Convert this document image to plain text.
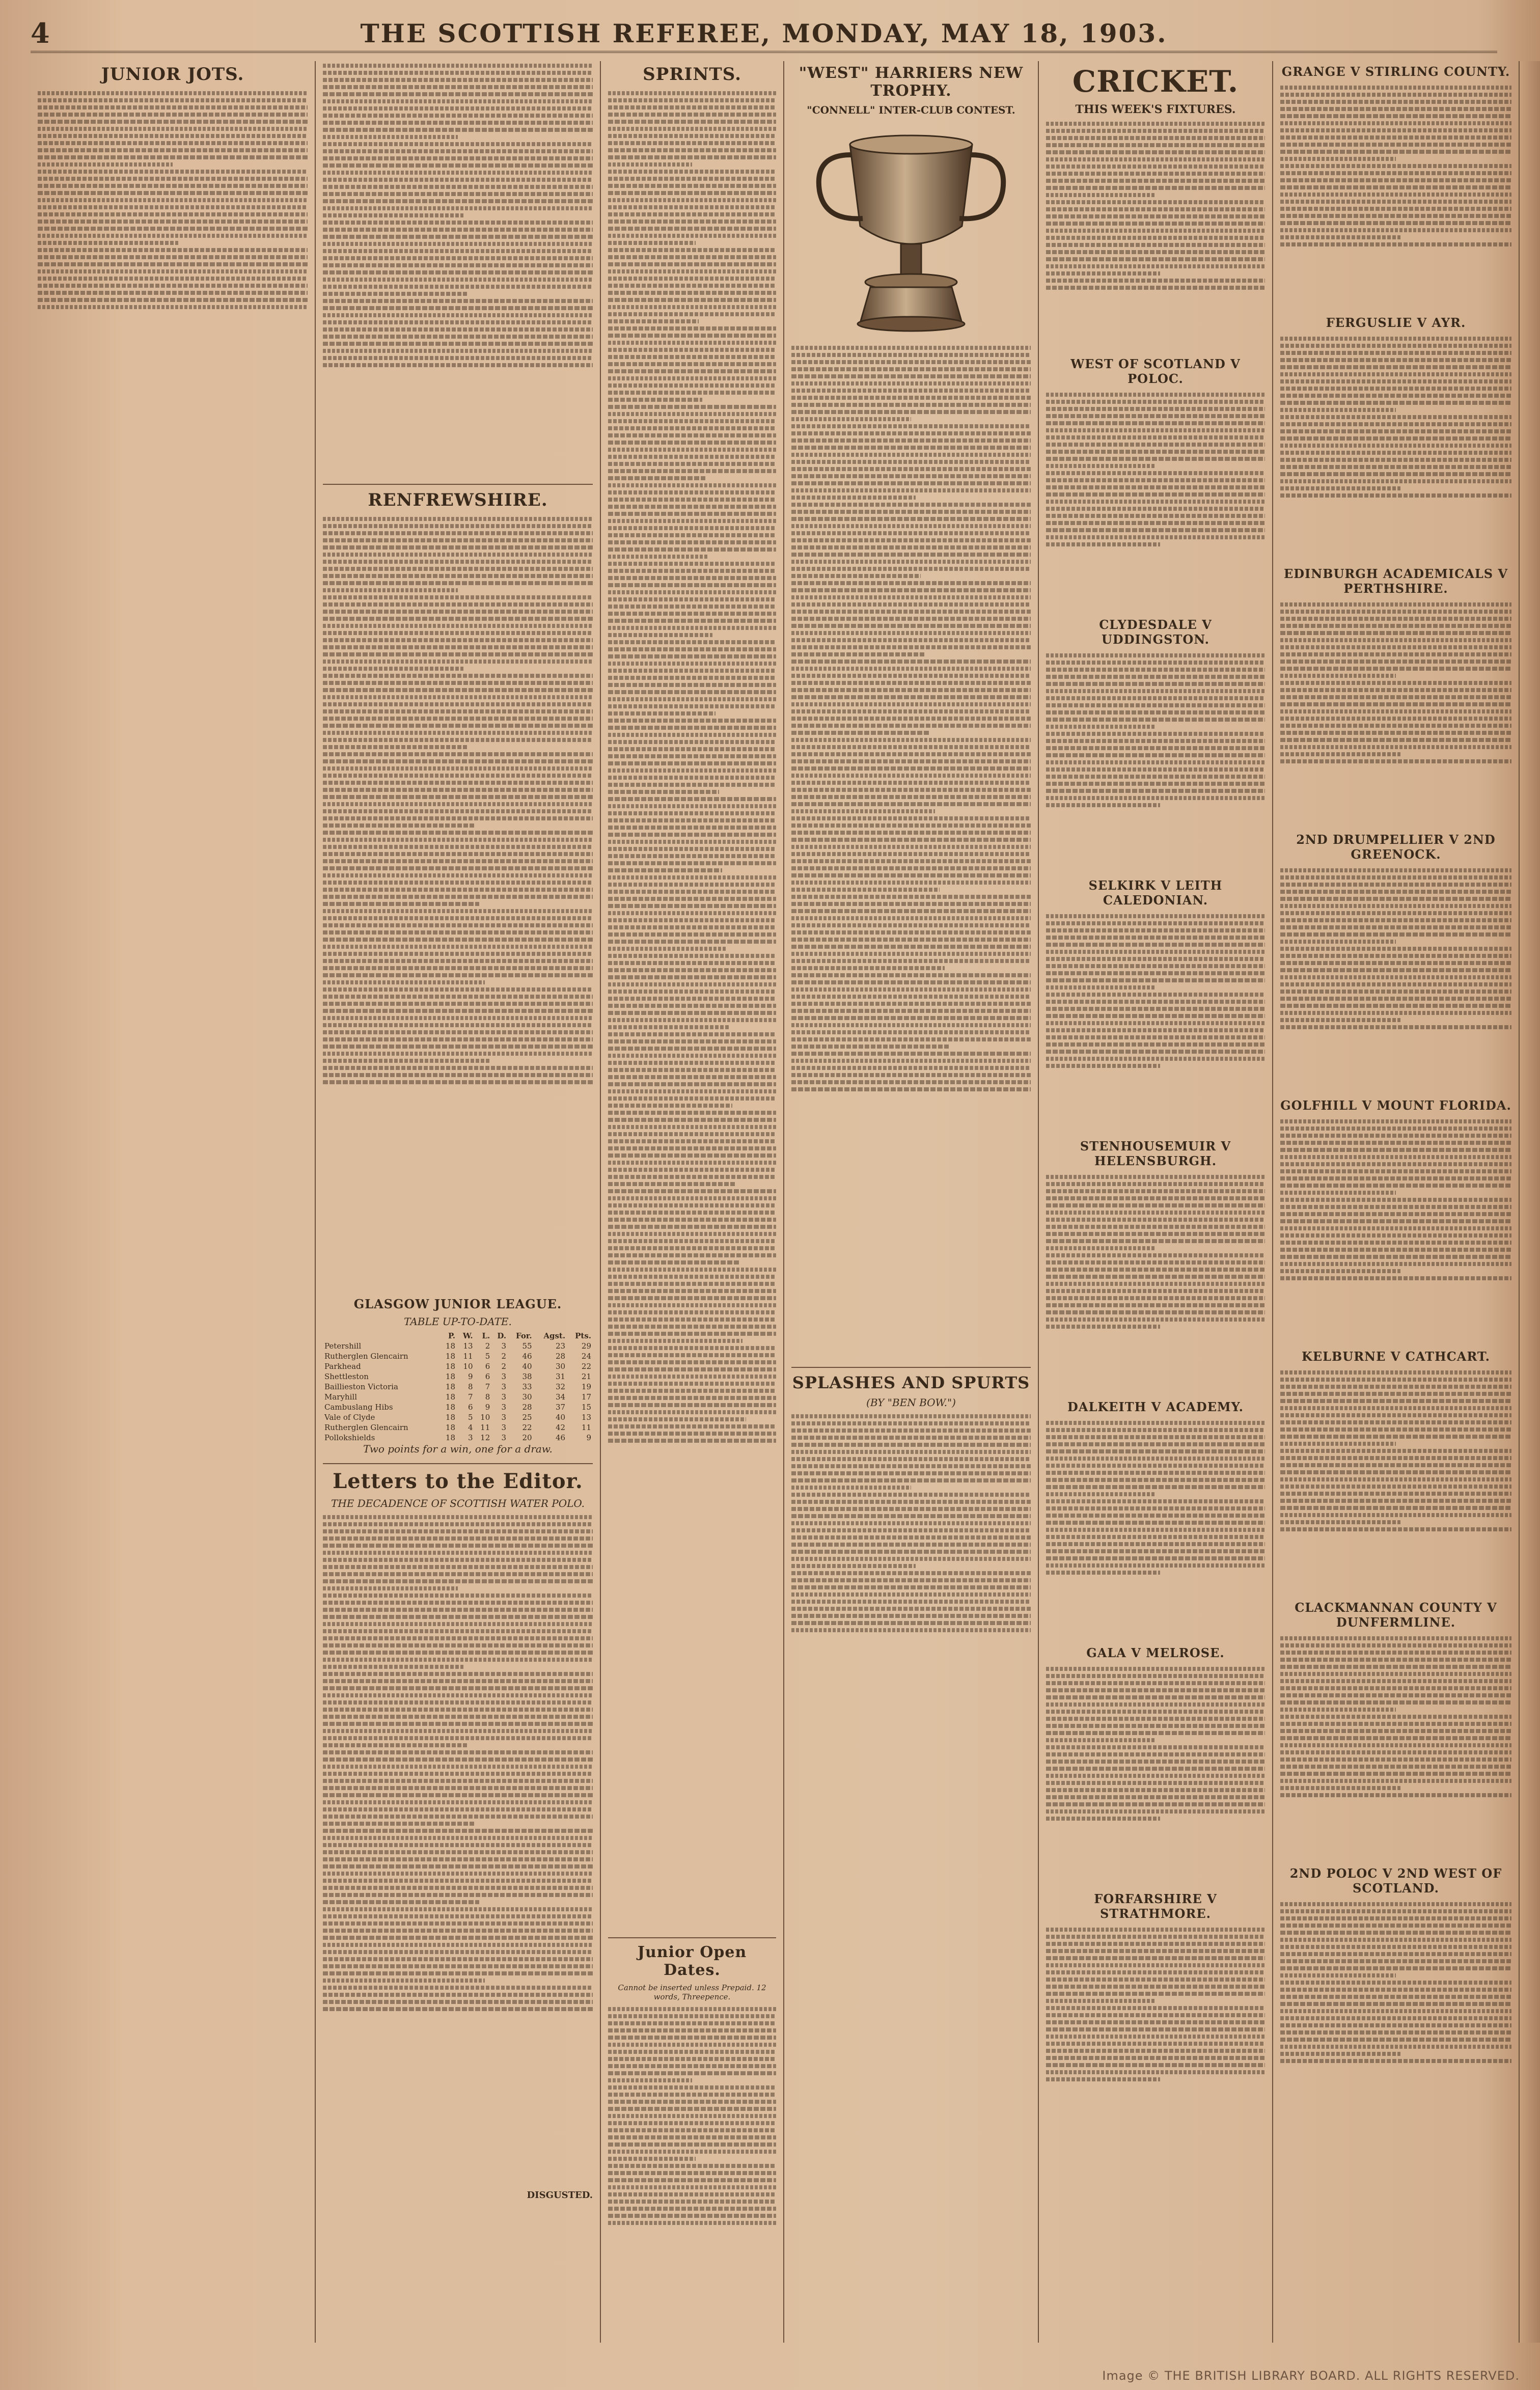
4	THE SCOTTISH REFEREE, MONDAY, MAY 18, 1903.
JUNIOR JOTS.
RENFREWSHIRE.
GLASGOW JUNIOR LEAGUE.
TABLE UP-TO-DATE.
	P.	W.	L.	D.	For.	Agst.	Pts.
Petershill	18	13	2	3	55	23	29
Rutherglen Glencairn	18	11	5	2	46	28	24
Parkhead	18	10	6	2	40	30	22
Shettleston	18	9	6	3	38	31	21
Baillieston Victoria	18	8	7	3	33	32	19
Maryhill	18	7	8	3	30	34	17
Cambuslang Hibs	18	6	9	3	28	37	15
Vale of Clyde	18	5	10	3	25	40	13
Rutherglen Glencairn	18	4	11	3	22	42	11
Pollokshields	18	3	12	3	20	46	9
Two points for a win, one for a draw.
Letters to the Editor.
THE DECADENCE OF SCOTTISH WATER POLO.
DISGUSTED.
SPRINTS.
Junior Open Dates.
Cannot be inserted unless Prepaid. 12 words, Threepence.
"WEST" HARRIERS NEW TROPHY.
"CONNELL" INTER-CLUB CONTEST.
SPLASHES AND SPURTS
(BY "BEN BOW.")
CRICKET.
THIS WEEK'S FIXTURES.
WEST OF SCOTLAND V POLOC.
CLYDESDALE V UDDINGSTON.
SELKIRK V LEITH CALEDONIAN.
STENHOUSEMUIR V HELENSBURGH.
DALKEITH V ACADEMY.
GALA V MELROSE.
FORFARSHIRE V STRATHMORE.
GRANGE V STIRLING COUNTY.
FERGUSLIE V AYR.
EDINBURGH ACADEMICALS V PERTHSHIRE.
2ND DRUMPELLIER V 2ND GREENOCK.
GOLFHILL V MOUNT FLORIDA.
KELBURNE V CATHCART.
CLACKMANNAN COUNTY V DUNFERMLINE.
2ND POLOC V 2ND WEST OF SCOTLAND.
Image © THE BRITISH LIBRARY BOARD. ALL RIGHTS RESERVED.
